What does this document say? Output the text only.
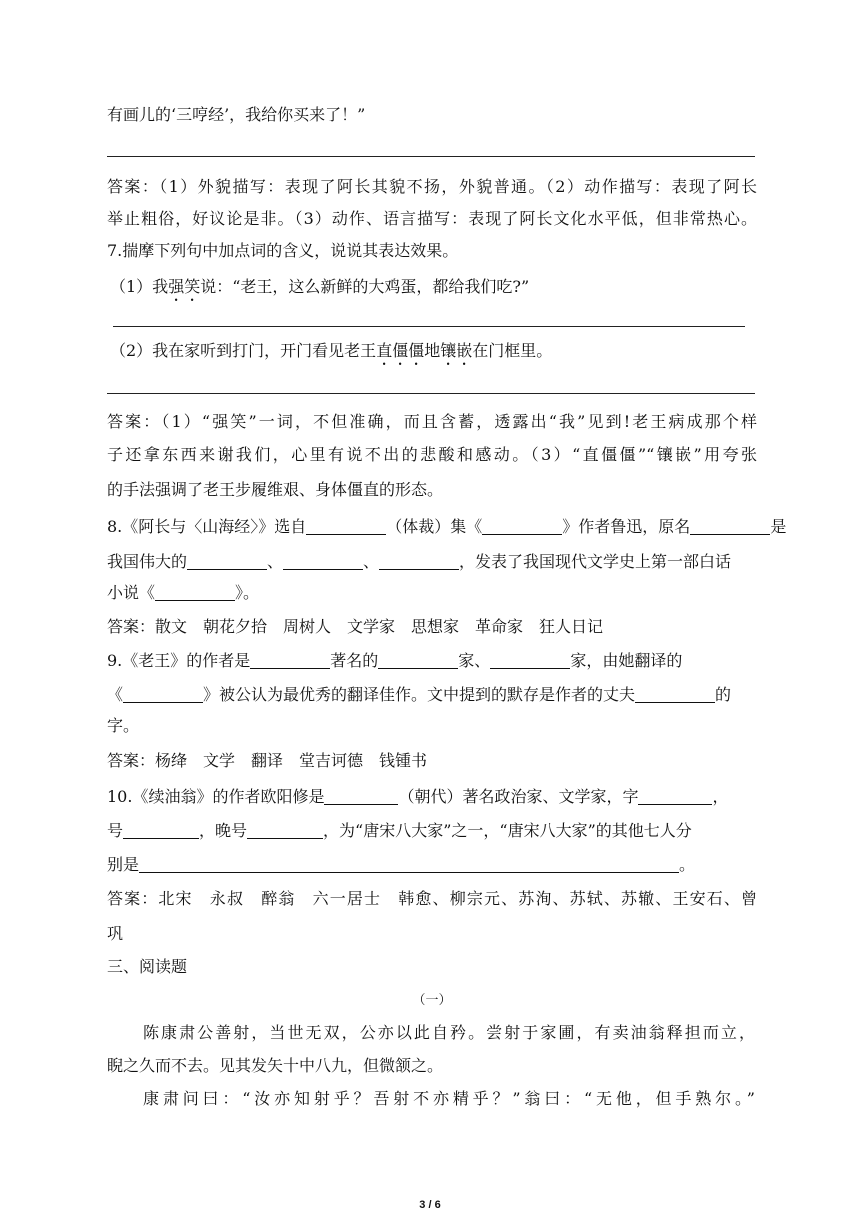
有画儿的‘三哼经’，我给你买来了！”
答案：（1）外貌描写：表现了阿长其貌不扬，外貌普通。（2）动作描写：表现了阿长
举止粗俗，好议论是非。（3）动作、语言描写：表现了阿长文化水平低，但非常热心。
7.揣摩下列句中加点词的含义，说说其表达效果。
（1）我强笑说：“老王，这么新鲜的大鸡蛋，都给我们吃?”
（2）我在家听到打门，开门看见老王直僵僵地镶嵌在门框里。
答案：（1）“强笑”一词，不但准确，而且含蓄，透露出“我”见到!老王病成那个样
子还拿东西来谢我们，心里有说不出的悲酸和感动。（3）“直僵僵”“镶嵌”用夸张
的手法强调了老王步履维艰、身体僵直的形态。
8.《阿长与〈山海经〉》选自	（体裁）集《	》作者鲁迅，原名	是
我国伟大的	、	、	，发表了我国现代文学史上第一部白话
小说《	》。
答案：散文　朝花夕拾　周树人　文学家　思想家　革命家　狂人日记
9.《老王》的作者是	著名的	家、	家，由她翻译的
《	》被公认为最优秀的翻译佳作。文中提到的默存是作者的丈夫	的
字。
答案：杨绛　文学　翻译　堂吉诃德　钱锺书
10.《续油翁》的作者欧阳修是	（朝代）著名政治家、文学家，字	，
号	，晚号	，为“唐宋八大家”之一，“唐宋八大家”的其他七人分
别是	。
答案：北宋　永叔　醉翁　六一居士　韩愈、柳宗元、苏洵、苏轼、苏辙、王安石、曾
巩
三、阅读题
（一）
陈康肃公善射，当世无双，公亦以此自矜。尝射于家圃，有卖油翁释担而立，
睨之久而不去。见其发矢十中八九，但微颔之。
康肃问曰：“汝亦知射乎？吾射不亦精乎？”翁曰：“无他，但手熟尔。”
3 / 6
